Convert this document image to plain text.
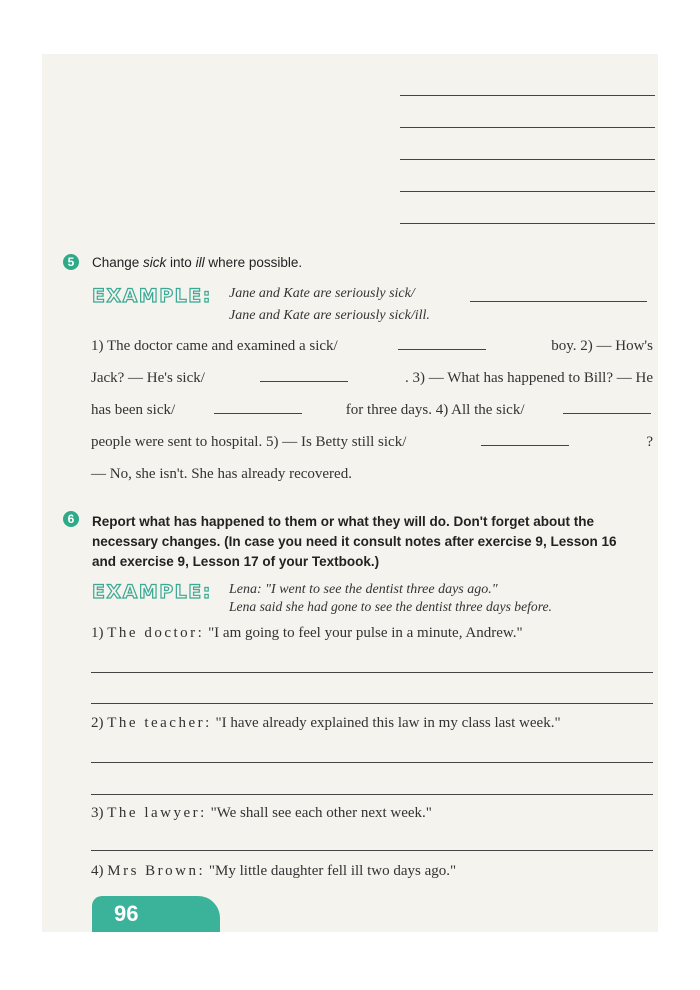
5	Change sick into ill where possible.
EXAMPLE: Jane and Kate are seriously sick/
Jane and Kate are seriously sick/ill.
1) The doctor came and examined a sick/	boy. 2) — How's
Jack? — He's sick/	. 3) — What has happened to Bill? — He
has been sick/	for three days. 4) All the sick/
people were sent to hospital. 5) — Is Betty still sick/	?
— No, she isn't. She has already recovered.
6	Report what has happened to them or what they will do. Don't forget about the
necessary changes. (In case you need it consult notes after exercise 9, Lesson 16
and exercise 9, Lesson 17 of your Textbook.)
EXAMPLE: Lena: "I went to see the dentist three days ago."
Lena said she had gone to see the dentist three days before.
1) The doctor: "I am going to feel your pulse in a minute, Andrew."
2) The teacher: "I have already explained this law in my class last week."
3) The lawyer: "We shall see each other next week."
4) Mrs Brown: "My little daughter fell ill two days ago."
96
